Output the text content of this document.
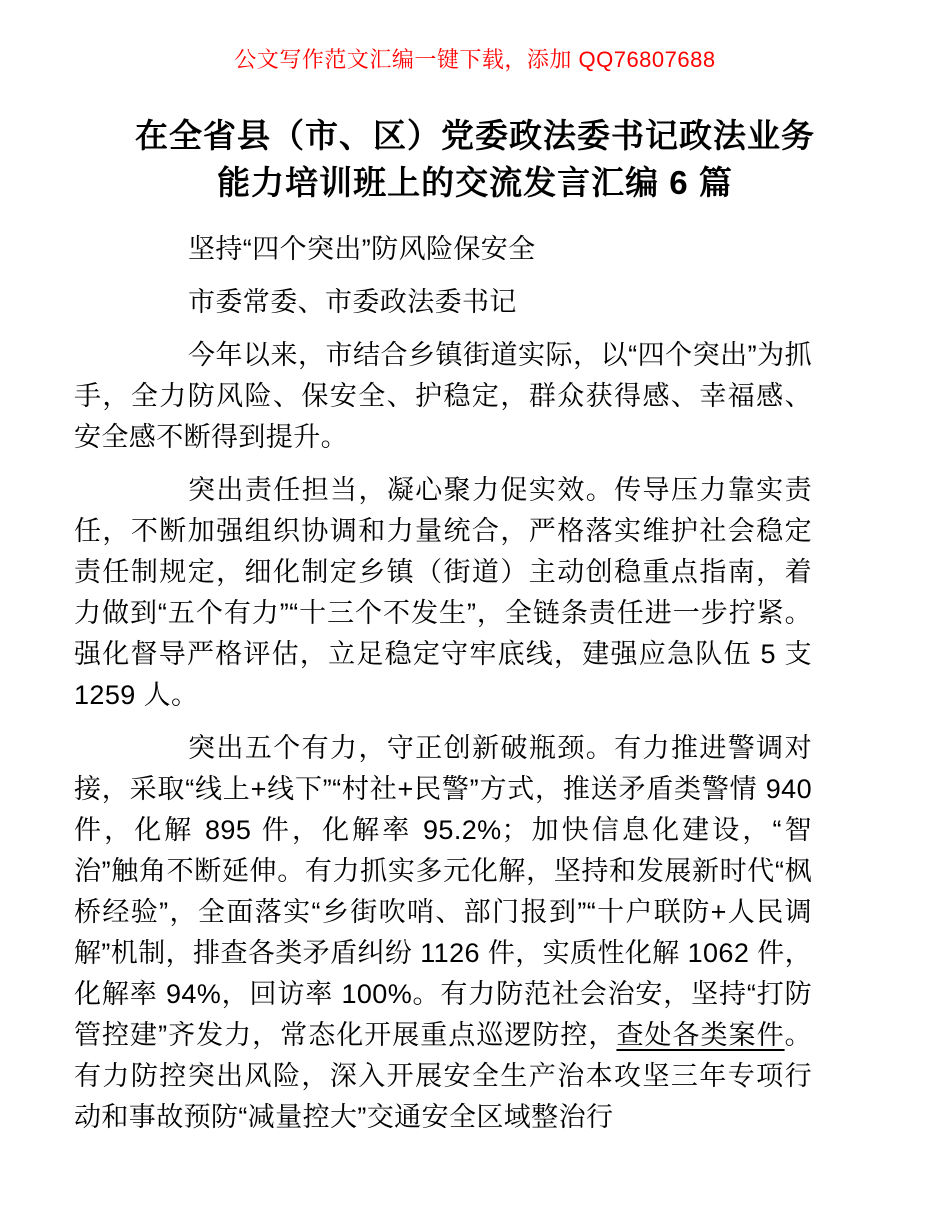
公文写作范文汇编一键下载，添加 QQ76807688
在全省县（市、区）党委政法委书记政法业务
能力培训班上的交流发言汇编 6 篇

坚持“四个突出”防风险保安全

市委常委、市委政法委书记

今年以来，市结合乡镇街道实际，以“四个突出”为抓手，全力防风险、保安全、护稳定，群众获得感、幸福感、安全感不断得到提升。

突出责任担当，凝心聚力促实效。传导压力靠实责任，不断加强组织协调和力量统合，严格落实维护社会稳定责任制规定，细化制定乡镇（街道）主动创稳重点指南，着力做到“五个有力”“十三个不发生”，全链条责任进一步拧紧。强化督导严格评估，立足稳定守牢底线，建强应急队伍 5 支 1259 人。

突出五个有力，守正创新破瓶颈。有力推进警调对接，采取“线上+线下”“村社+民警”方式，推送矛盾类警情 940 件，化解 895 件，化解率 95.2%；加快信息化建设，“智治”触角不断延伸。有力抓实多元化解，坚持和发展新时代“枫桥经验”，全面落实“乡街吹哨、部门报到”“十户联防+人民调解”机制，排查各类矛盾纠纷 1126 件，实质性化解 1062 件，化解率 94%，回访率 100%。有力防范社会治安，坚持“打防管控建”齐发力，常态化开展重点巡逻防控，查处各类案件。有力防控突出风险，深入开展安全生产治本攻坚三年专项行动和事故预防“减量控大”交通安全区域整治行
